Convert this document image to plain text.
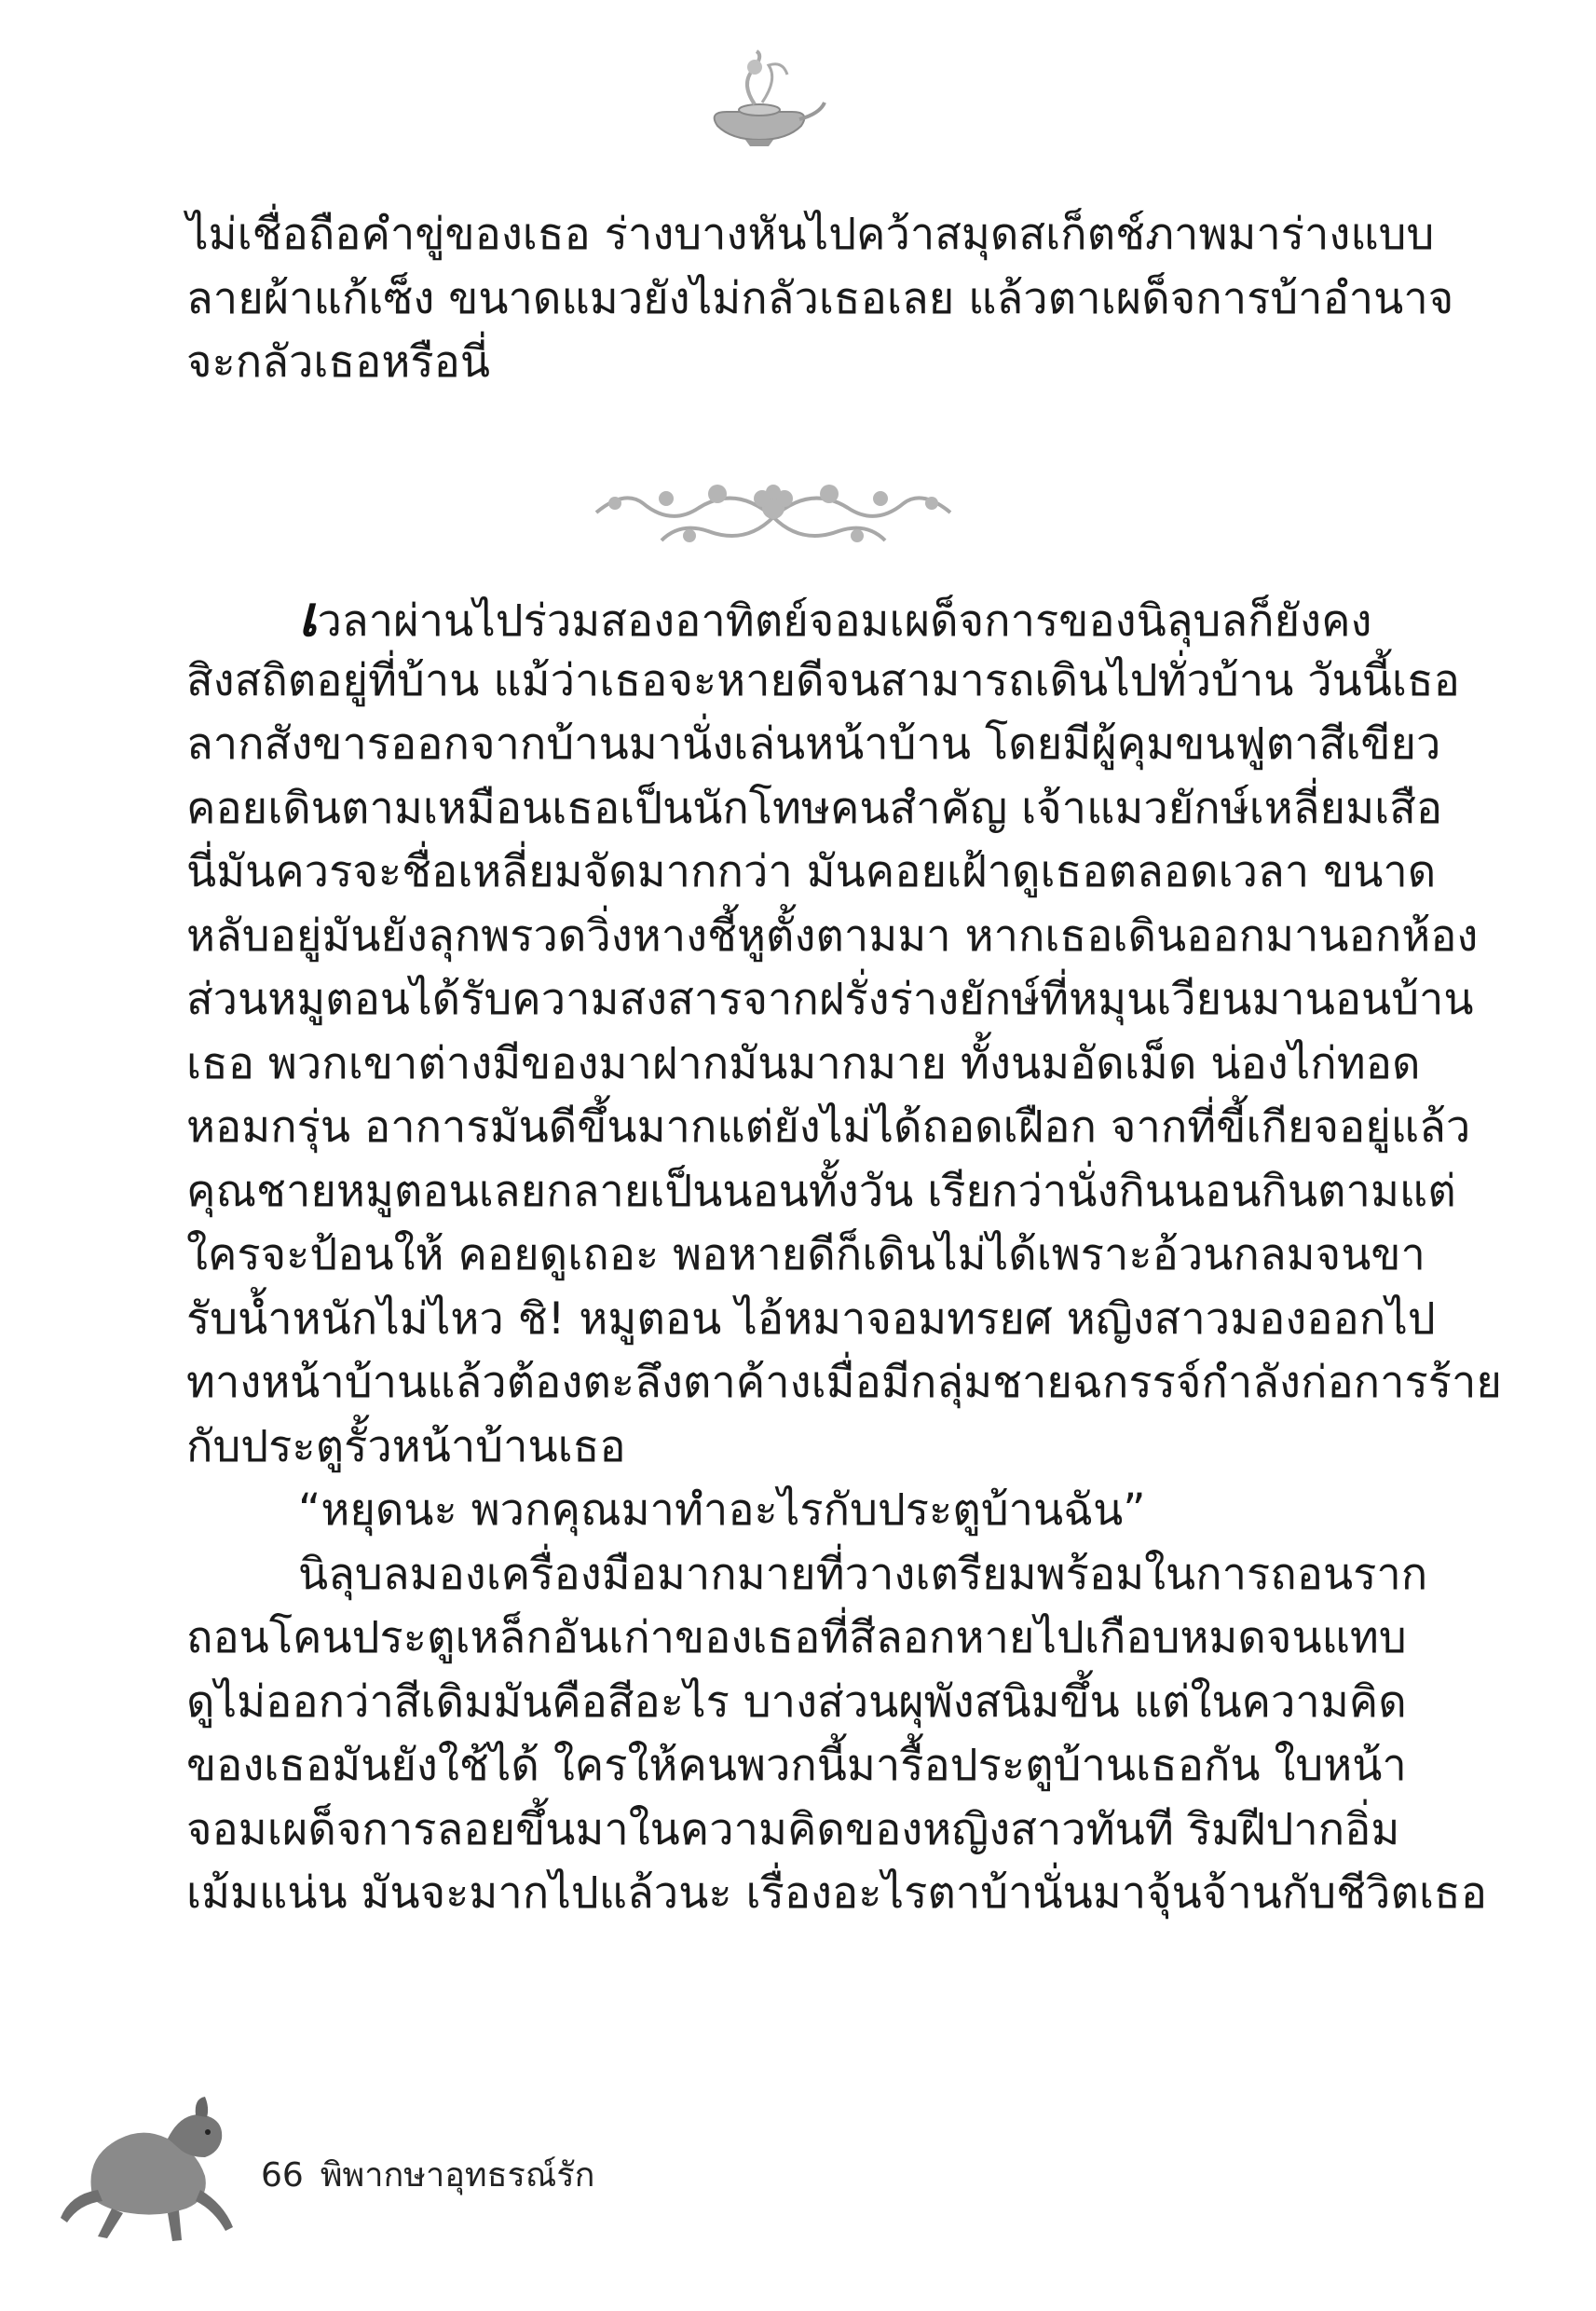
ไม่เชื่อถือคำขู่ของเธอ ร่างบางหันไปคว้าสมุดสเก็ตช์ภาพมาร่างแบบ
ลายผ้าแก้เซ็ง ขนาดแมวยังไม่กลัวเธอเลย แล้วตาเผด็จการบ้าอำนาจ
จะกลัวเธอหรือนี่
เวลาผ่านไปร่วมสองอาทิตย์จอมเผด็จการของนิลุบลก็ยังคง
สิงสถิตอยู่ที่บ้าน แม้ว่าเธอจะหายดีจนสามารถเดินไปทั่วบ้าน วันนี้เธอ
ลากสังขารออกจากบ้านมานั่งเล่นหน้าบ้าน โดยมีผู้คุมขนฟูตาสีเขียว
คอยเดินตามเหมือนเธอเป็นนักโทษคนสำคัญ เจ้าแมวยักษ์เหลี่ยมเสือ
นี่มันควรจะชื่อเหลี่ยมจัดมากกว่า มันคอยเฝ้าดูเธอตลอดเวลา ขนาด
หลับอยู่มันยังลุกพรวดวิ่งหางชี้หูตั้งตามมา หากเธอเดินออกมานอกห้อง
ส่วนหมูตอนได้รับความสงสารจากฝรั่งร่างยักษ์ที่หมุนเวียนมานอนบ้าน
เธอ พวกเขาต่างมีของมาฝากมันมากมาย ทั้งนมอัดเม็ด น่องไก่ทอด
หอมกรุ่น อาการมันดีขึ้นมากแต่ยังไม่ได้ถอดเฝือก จากที่ขี้เกียจอยู่แล้ว
คุณชายหมูตอนเลยกลายเป็นนอนทั้งวัน เรียกว่านั่งกินนอนกินตามแต่
ใครจะป้อนให้ คอยดูเถอะ พอหายดีก็เดินไม่ได้เพราะอ้วนกลมจนขา
รับน้ำหนักไม่ไหว ชิ! หมูตอน ไอ้หมาจอมทรยศ หญิงสาวมองออกไป
ทางหน้าบ้านแล้วต้องตะลึงตาค้างเมื่อมีกลุ่มชายฉกรรจ์กำลังก่อการร้าย
กับประตูรั้วหน้าบ้านเธอ
“หยุดนะ พวกคุณมาทำอะไรกับประตูบ้านฉัน”
นิลุบลมองเครื่องมือมากมายที่วางเตรียมพร้อมในการถอนราก
ถอนโคนประตูเหล็กอันเก่าของเธอที่สีลอกหายไปเกือบหมดจนแทบ
ดูไม่ออกว่าสีเดิมมันคือสีอะไร บางส่วนผุพังสนิมขึ้น แต่ในความคิด
ของเธอมันยังใช้ได้ ใครให้คนพวกนี้มารื้อประตูบ้านเธอกัน ใบหน้า
จอมเผด็จการลอยขึ้นมาในความคิดของหญิงสาวทันที ริมฝีปากอิ่ม
เม้มแน่น มันจะมากไปแล้วนะ เรื่องอะไรตาบ้านั่นมาจุ้นจ้านกับชีวิตเธอ
66 พิพากษาอุทธรณ์รัก
